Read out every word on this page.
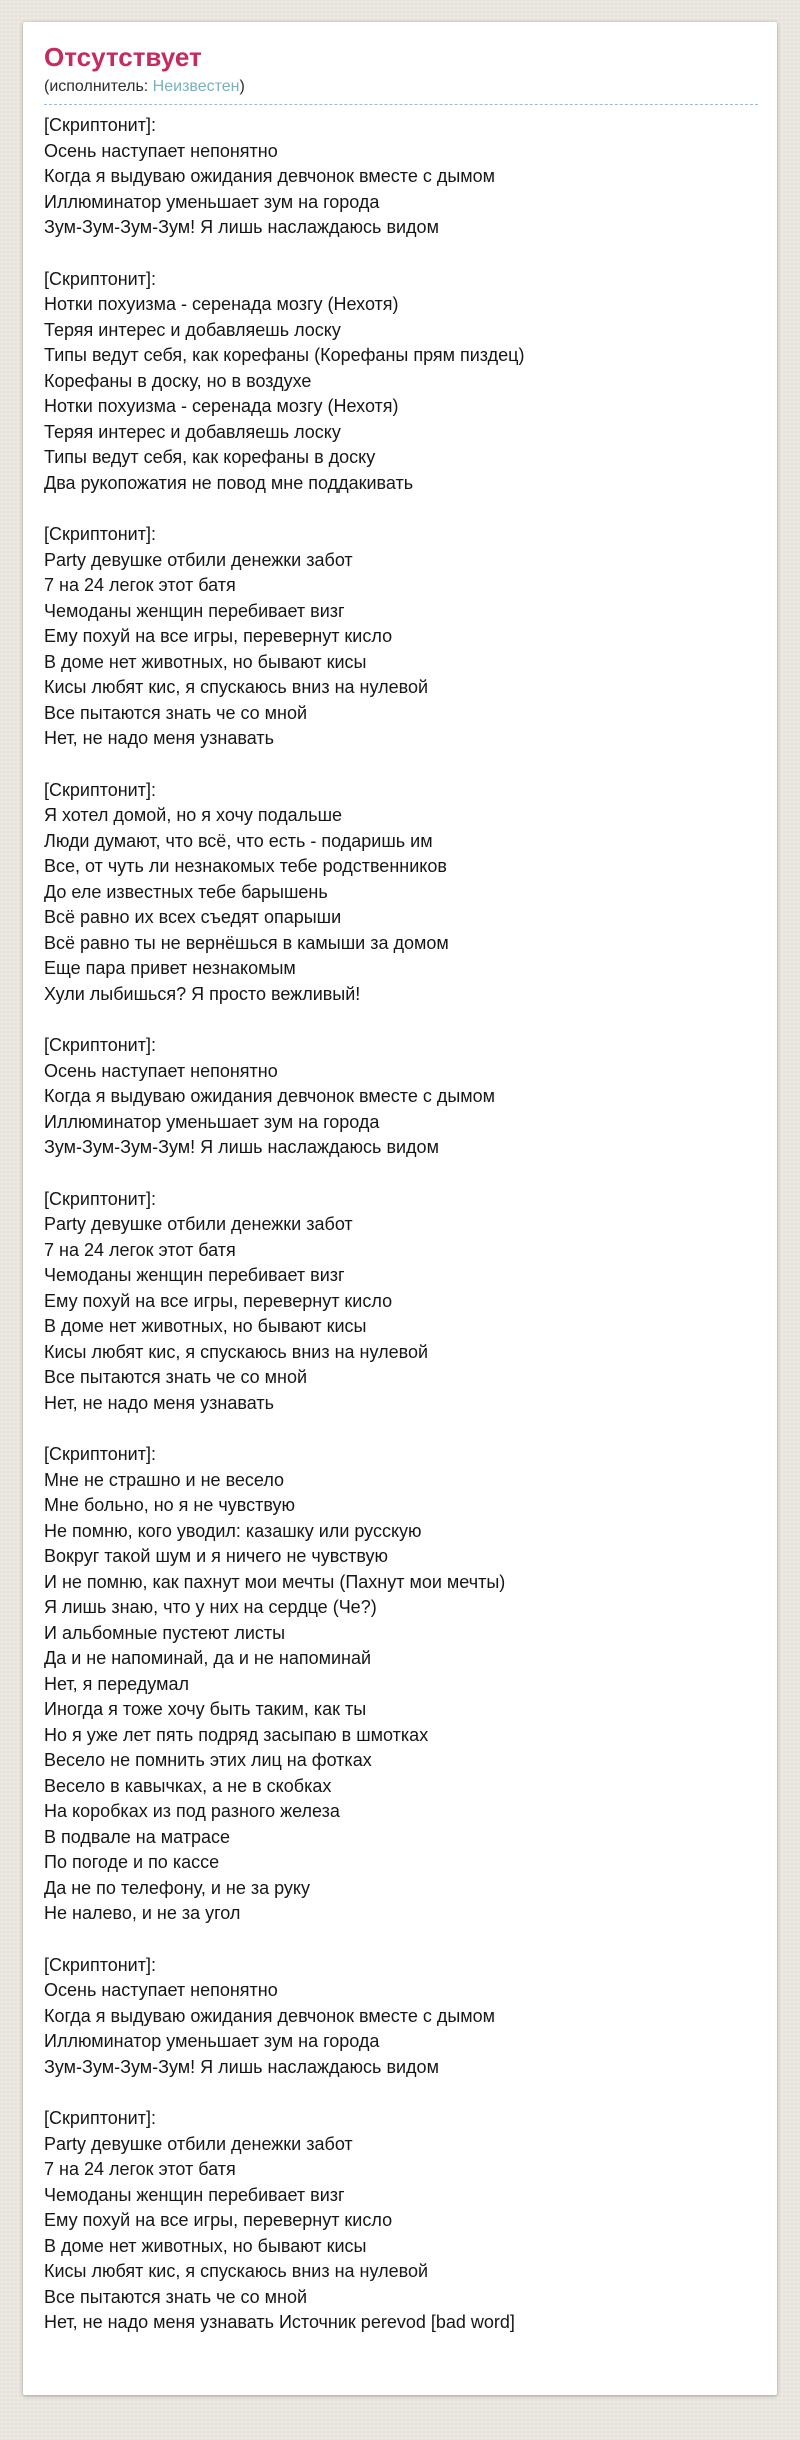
Отсутствует
(исполнитель: Неизвестен)

[Скриптонит]:
Осень наступает непонятно
Когда я выдуваю ожидания девчонок вместе с дымом
Иллюминатор уменьшает зум на города
Зум-Зум-Зум-Зум! Я лишь наслаждаюсь видом

[Скриптонит]:
Нотки похуизма - серенада мозгу (Нехотя)
Теряя интерес и добавляешь лоску
Типы ведут себя, как корефаны (Корефаны прям пиздец)
Корефаны в доску, но в воздухе
Нотки похуизма - серенада мозгу (Нехотя)
Теряя интерес и добавляешь лоску
Типы ведут себя, как корефаны в доску
Два рукопожатия не повод мне поддакивать

[Скриптонит]:
Party девушке отбили денежки забот
7 на 24 легок этот батя
Чемоданы женщин перебивает визг
Ему похуй на все игры, перевернут кисло
В доме нет животных, но бывают кисы
Кисы любят кис, я спускаюсь вниз на нулевой
Все пытаются знать че со мной
Нет, не надо меня узнавать

[Скриптонит]:
Я хотел домой, но я хочу подальше
Люди думают, что всё, что есть - подаришь им
Все, от чуть ли незнакомых тебе родственников
До еле известных тебе барышень
Всё равно их всех съедят опарыши
Всё равно ты не вернёшься в камыши за домом
Еще пара привет незнакомым
Хули лыбишься? Я просто вежливый!

[Скриптонит]:
Осень наступает непонятно
Когда я выдуваю ожидания девчонок вместе с дымом
Иллюминатор уменьшает зум на города
Зум-Зум-Зум-Зум! Я лишь наслаждаюсь видом

[Скриптонит]:
Party девушке отбили денежки забот
7 на 24 легок этот батя
Чемоданы женщин перебивает визг
Ему похуй на все игры, перевернут кисло
В доме нет животных, но бывают кисы
Кисы любят кис, я спускаюсь вниз на нулевой
Все пытаются знать че со мной
Нет, не надо меня узнавать

[Скриптонит]:
Мне не страшно и не весело
Мне больно, но я не чувствую
Не помню, кого уводил: казашку или русскую
Вокруг такой шум и я ничего не чувствую
И не помню, как пахнут мои мечты (Пахнут мои мечты)
Я лишь знаю, что у них на сердце (Че?)
И альбомные пустеют листы
Да и не напоминай, да и не напоминай
Нет, я передумал
Иногда я тоже хочу быть таким, как ты
Но я уже лет пять подряд засыпаю в шмотках
Весело не помнить этих лиц на фотках
Весело в кавычках, а не в скобках
На коробках из под разного железа
В подвале на матрасе
По погоде и по кассе
Да не по телефону, и не за руку
Не налево, и не за угол

[Скриптонит]:
Осень наступает непонятно
Когда я выдуваю ожидания девчонок вместе с дымом
Иллюминатор уменьшает зум на города
Зум-Зум-Зум-Зум! Я лишь наслаждаюсь видом

[Скриптонит]:
Party девушке отбили денежки забот
7 на 24 легок этот батя
Чемоданы женщин перебивает визг
Ему похуй на все игры, перевернут кисло
В доме нет животных, но бывают кисы
Кисы любят кис, я спускаюсь вниз на нулевой
Все пытаются знать че со мной
Нет, не надо меня узнавать Источник perevod [bad word]
